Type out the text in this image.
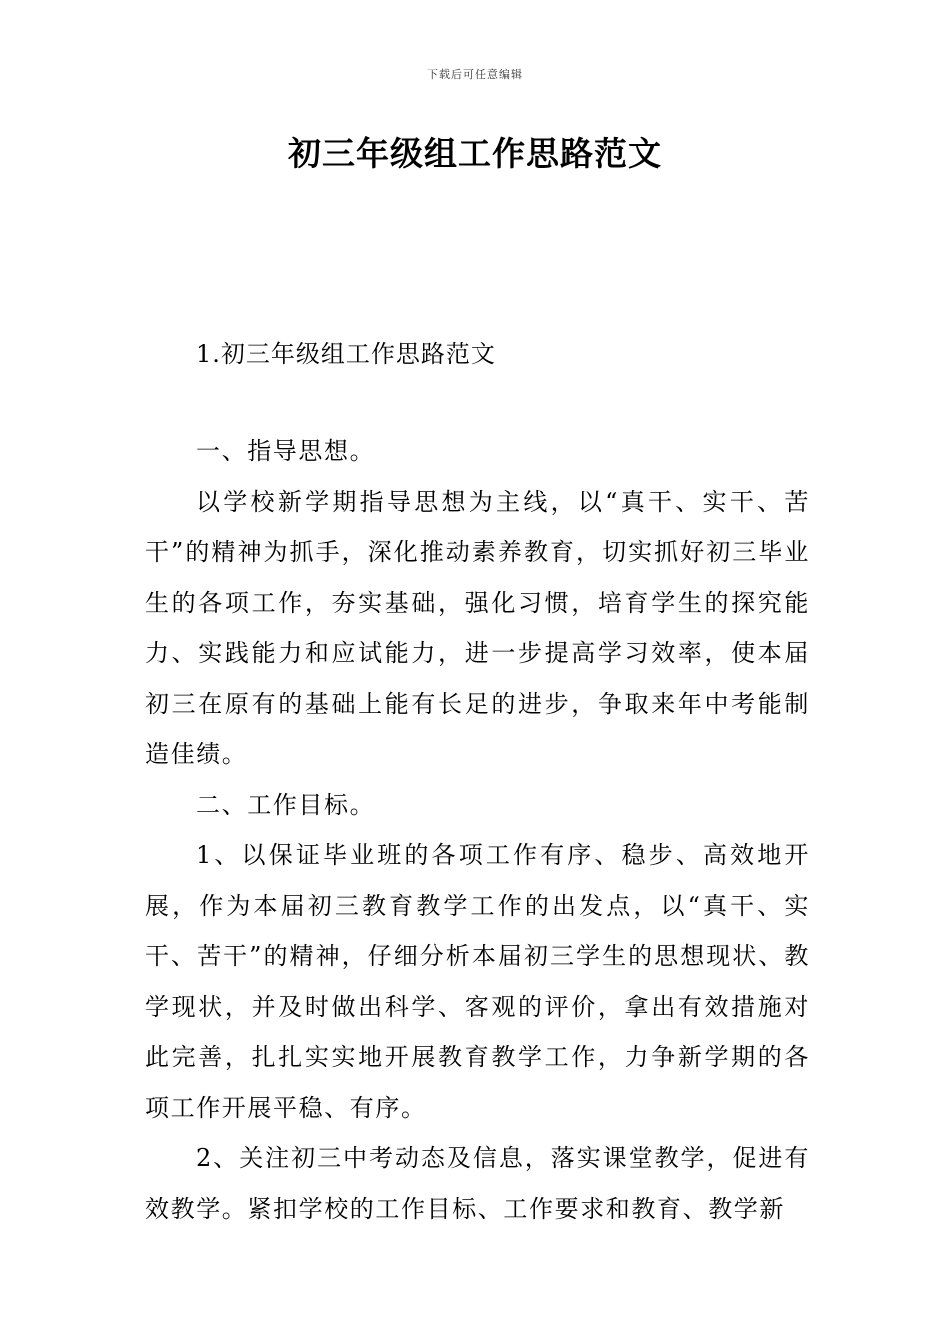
下载后可任意编辑
初三年级组工作思路范文
1.初三年级组工作思路范文

一、指导思想。

以学校新学期指导思想为主线，以“真干、实干、苦干”的精神为抓手，深化推动素养教育，切实抓好初三毕业生的各项工作，夯实基础，强化习惯，培育学生的探究能力、实践能力和应试能力，进一步提高学习效率，使本届初三在原有的基础上能有长足的进步，争取来年中考能制造佳绩。

二、工作目标。

1、以保证毕业班的各项工作有序、稳步、高效地开展，作为本届初三教育教学工作的出发点，以“真干、实干、苦干”的精神，仔细分析本届初三学生的思想现状、教学现状，并及时做出科学、客观的评价，拿出有效措施对此完善，扎扎实实地开展教育教学工作，力争新学期的各项工作开展平稳、有序。

2、关注初三中考动态及信息，落实课堂教学，促进有效教学。紧扣学校的工作目标、工作要求和教育、教学新
